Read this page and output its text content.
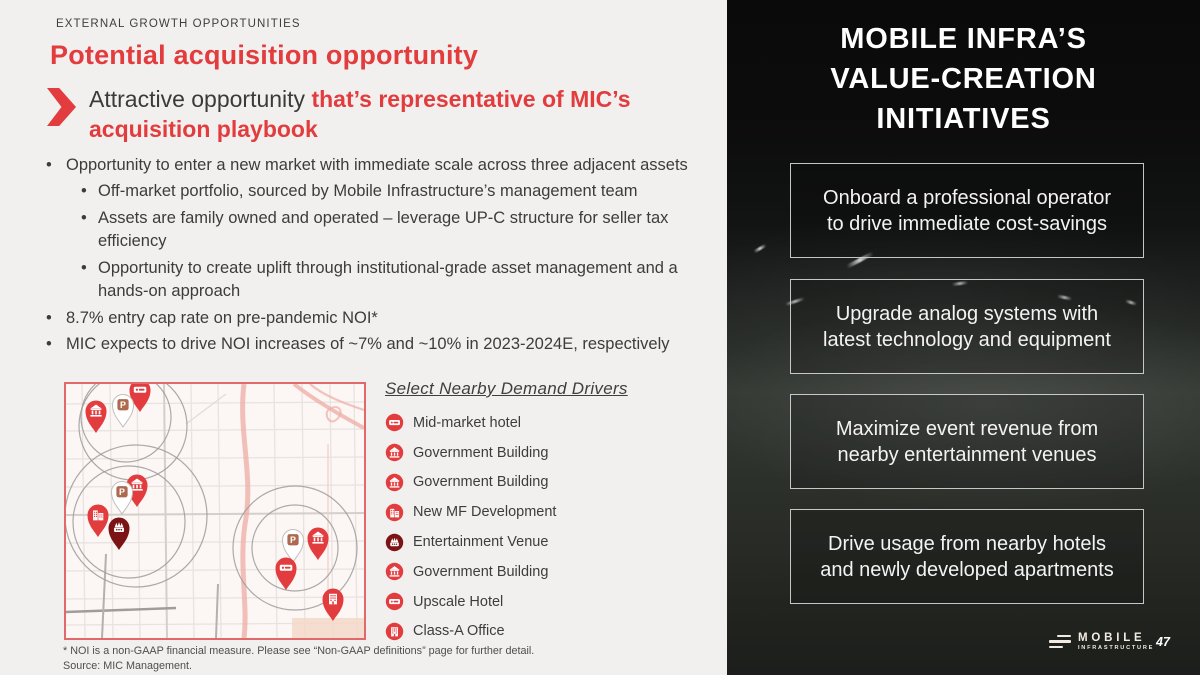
EXTERNAL GROWTH OPPORTUNITIES
Potential acquisition opportunity
Attractive opportunity that’s representative of MIC’s acquisition playbook
• Opportunity to enter a new market with immediate scale across three adjacent assets
• Off-market portfolio, sourced by Mobile Infrastructure’s management team
• Assets are family owned and operated – leverage UP-C structure for seller tax efficiency
• Opportunity to create uplift through institutional-grade asset management and a hands-on approach
• 8.7% entry cap rate on pre-pandemic NOI*
• MIC expects to drive NOI increases of ~7% and ~10% in 2023-2024E, respectively
P
P
P
Select Nearby Demand Drivers
Mid-market hotel
Government Building
Government Building
New MF Development
Entertainment Venue
Government Building
Upscale Hotel
Class-A Office
* NOI is a non-GAAP financial measure. Please see “Non-GAAP definitions” page for further detail.
Source: MIC Management.
MOBILE INFRA’S
VALUE-CREATION
INITIATIVES
Onboard a professional operator to drive immediate cost-savings
Upgrade analog systems with latest technology and equipment
Maximize event revenue from nearby entertainment venues
Drive usage from nearby hotels and newly developed apartments
MOBILE
INFRASTRUCTURE 47
